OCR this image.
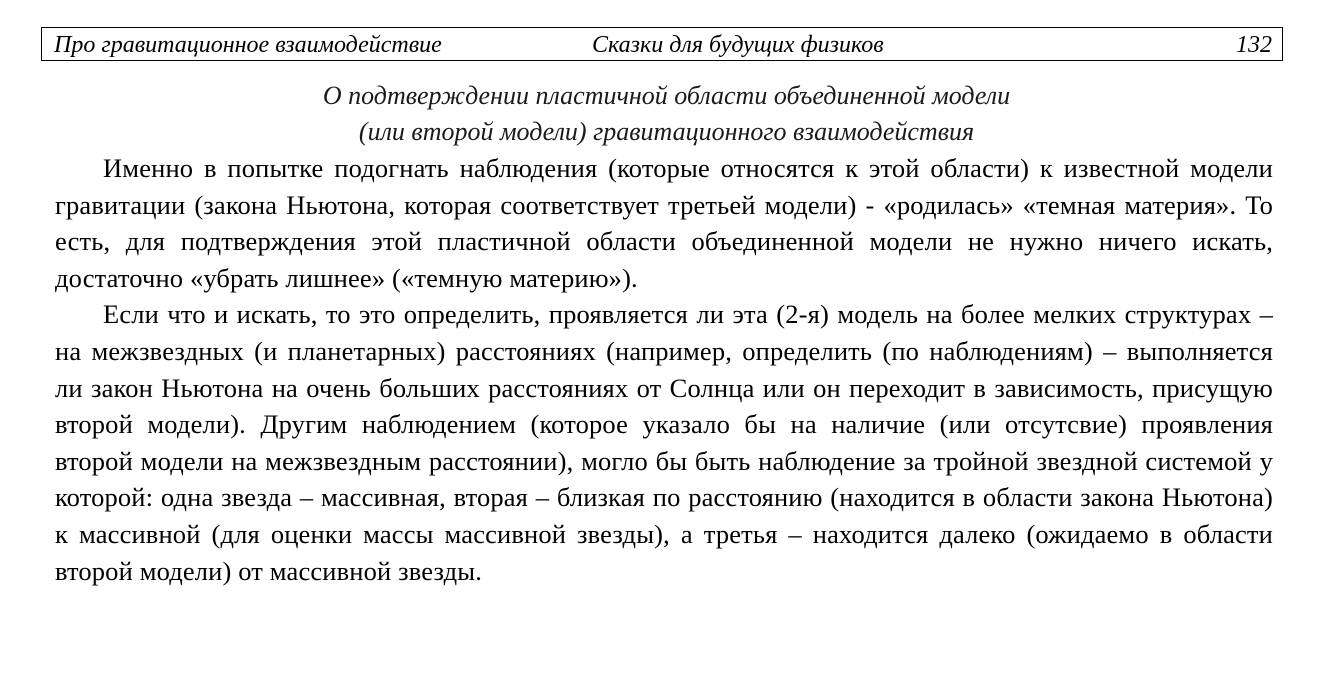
Про гравитационное взаимодействие	Сказки для будущих физиков	132
О подтверждении пластичной области объединенной модели
(или второй модели) гравитационного взаимодействия

Именно в попытке подогнать наблюдения (которые относятся к этой области) к известной модели гравитации (закона Ньютона, которая соответствует третьей модели) - «родилась» «темная материя». То есть, для подтверждения этой пластичной области объединенной модели не нужно ничего искать, достаточно «убрать лишнее» («темную материю»).

Если что и искать, то это определить, проявляется ли эта (2-я) модель на более мелких структурах – на межзвездных (и планетарных) расстояниях (например, определить (по наблюдениям) – выполняется ли закон Ньютона на очень больших расстояниях от Солнца или он переходит в зависимость, присущую второй модели). Другим наблюдением (которое указало бы на наличие (или отсутсвие) проявления второй модели на межзвездным расстоянии), могло бы быть наблюдение за тройной звездной системой у которой: одна звезда – массивная, вторая – близкая по расстоянию (находится в области закона Ньютона) к массивной (для оценки массы массивной звезды), а третья – находится далеко (ожидаемо в области второй модели) от массивной звезды.
